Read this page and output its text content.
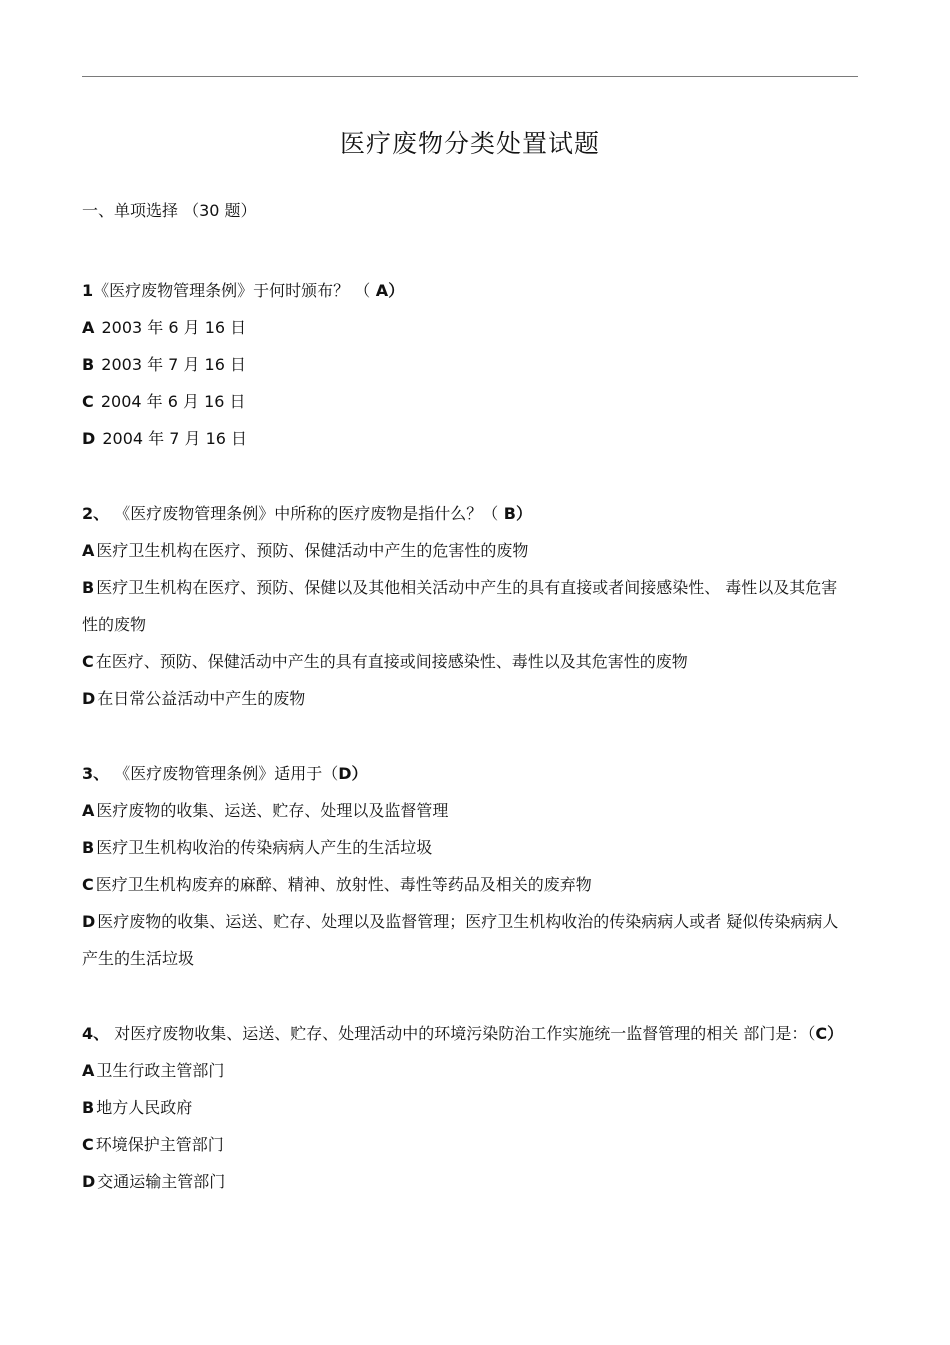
医疗废物分类处置试题

一、单项选择 （30 题）

1《医疗废物管理条例》于何时颁布？ （ A）

A 2003 年 6 月 16 日

B 2003 年 7 月 16 日

C 2004 年 6 月 16 日

D 2004 年 7 月 16 日

2、 《医疗废物管理条例》中所称的医疗废物是指什么？（ B）

A 医疗卫生机构在医疗、预防、保健活动中产生的危害性的废物

B 医疗卫生机构在医疗、预防、保健以及其他相关活动中产生的具有直接或者间接感染性、 毒性以及其危害性的废物

C 在医疗、预防、保健活动中产生的具有直接或间接感染性、毒性以及其危害性的废物

D 在日常公益活动中产生的废物

3、 《医疗废物管理条例》适用于（D）

A 医疗废物的收集、运送、贮存、处理以及监督管理

B 医疗卫生机构收治的传染病病人产生的生活垃圾

C 医疗卫生机构废弃的麻醉、精神、放射性、毒性等药品及相关的废弃物

D 医疗废物的收集、运送、贮存、处理以及监督管理；医疗卫生机构收治的传染病病人或者 疑似传染病病人产生的生活垃圾

4、 对医疗废物收集、运送、贮存、处理活动中的环境污染防治工作实施统一监督管理的相关 部门是：（C）

A 卫生行政主管部门

B 地方人民政府

C 环境保护主管部门

D 交通运输主管部门
